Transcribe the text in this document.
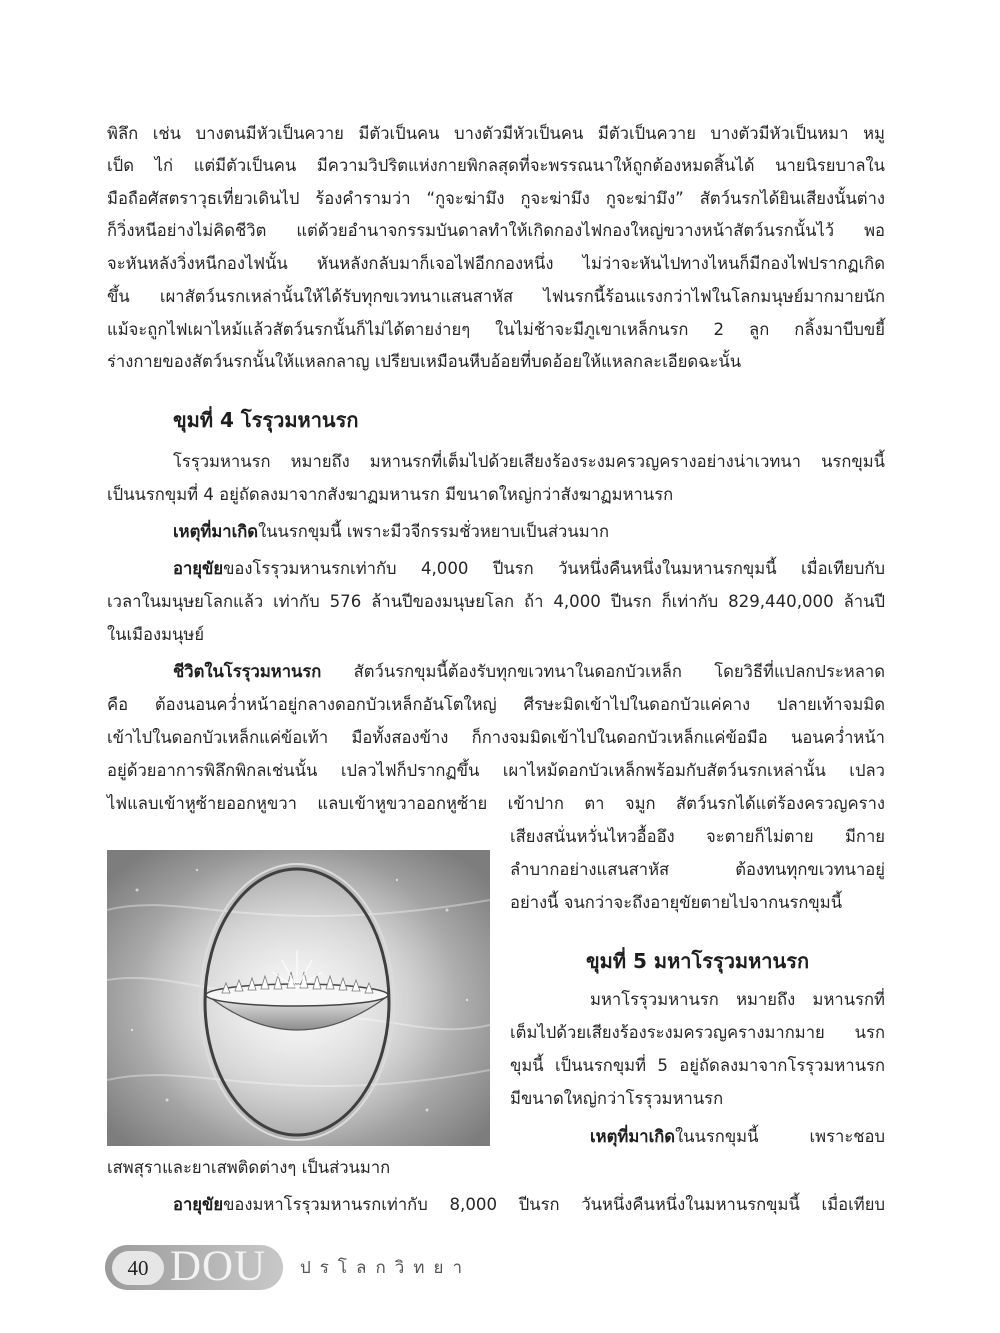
พิลึก เช่น บางตนมีหัวเป็นควาย มีตัวเป็นคน บางตัวมีหัวเป็นคน มีตัวเป็นควาย บางตัวมีหัวเป็นหมา หมู

เป็ด ไก่ แต่มีตัวเป็นคน มีความวิปริตแห่งกายพิกลสุดที่จะพรรณนาให้ถูกต้องหมดสิ้นได้ นายนิรยบาลใน

มือถือศัสตราวุธเที่ยวเดินไป ร้องคำรามว่า “กูจะฆ่ามึง กูจะฆ่ามึง กูจะฆ่ามึง” สัตว์นรกได้ยินเสียงนั้นต่าง

ก็วิ่งหนีอย่างไม่คิดชีวิต แต่ด้วยอำนาจกรรมบันดาลทำให้เกิดกองไฟกองใหญ่ขวางหน้าสัตว์นรกนั้นไว้ พอ

จะหันหลังวิ่งหนีกองไฟนั้น หันหลังกลับมาก็เจอไฟอีกกองหนึ่ง ไม่ว่าจะหันไปทางไหนก็มีกองไฟปรากฏเกิด

ขึ้น เผาสัตว์นรกเหล่านั้นให้ได้รับทุกขเวทนาแสนสาหัส ไฟนรกนี้ร้อนแรงกว่าไฟในโลกมนุษย์มากมายนัก

แม้จะถูกไฟเผาไหม้แล้วสัตว์นรกนั้นก็ไม่ได้ตายง่ายๆ ในไม่ช้าจะมีภูเขาเหล็กนรก 2 ลูก กลิ้งมาบีบขยี้

ร่างกายของสัตว์นรกนั้นให้แหลกลาญ เปรียบเหมือนหีบอ้อยที่บดอ้อยให้แหลกละเอียดฉะนั้น

ขุมที่ 4 โรรุวมหานรก

โรรุวมหานรก หมายถึง มหานรกที่เต็มไปด้วยเสียงร้องระงมครวญครางอย่างน่าเวทนา นรกขุมนี้

เป็นนรกขุมที่ 4 อยู่ถัดลงมาจากสังฆาฏมหานรก มีขนาดใหญ่กว่าสังฆาฏมหานรก

เหตุที่มาเกิดในนรกขุมนี้ เพราะมีวจีกรรมชั่วหยาบเป็นส่วนมาก

อายุขัยของโรรุวมหานรกเท่ากับ 4,000 ปีนรก วันหนึ่งคืนหนึ่งในมหานรกขุมนี้ เมื่อเทียบกับ

เวลาในมนุษยโลกแล้ว เท่ากับ 576 ล้านปีของมนุษยโลก ถ้า 4,000 ปีนรก ก็เท่ากับ 829,440,000 ล้านปี

ในเมืองมนุษย์

ชีวิตในโรรุวมหานรก สัตว์นรกขุมนี้ต้องรับทุกขเวทนาในดอกบัวเหล็ก โดยวิธีที่แปลกประหลาด

คือ ต้องนอนคว่ำหน้าอยู่กลางดอกบัวเหล็กอันโตใหญ่ ศีรษะมิดเข้าไปในดอกบัวแค่คาง ปลายเท้าจมมิด

เข้าไปในดอกบัวเหล็กแค่ข้อเท้า มือทั้งสองข้าง ก็กางจมมิดเข้าไปในดอกบัวเหล็กแค่ข้อมือ นอนคว่ำหน้า

อยู่ด้วยอาการพิลึกพิกลเช่นนั้น เปลวไฟก็ปรากฏขึ้น เผาไหม้ดอกบัวเหล็กพร้อมกับสัตว์นรกเหล่านั้น เปลว

ไฟแลบเข้าหูซ้ายออกหูขวา แลบเข้าหูขวาออกหูซ้าย เข้าปาก ตา จมูก สัตว์นรกได้แต่ร้องครวญคราง

เสียงสนั่นหวั่นไหวอื้ออึง จะตายก็ไม่ตาย มีกาย

ลำบากอย่างแสนสาหัส ต้องทนทุกขเวทนาอยู่

อย่างนี้ จนกว่าจะถึงอายุขัยตายไปจากนรกขุมนี้

ขุมที่ 5 มหาโรรุวมหานรก

มหาโรรุวมหานรก หมายถึง มหานรกที่

เต็มไปด้วยเสียงร้องระงมครวญครางมากมาย นรก

ขุมนี้ เป็นนรกขุมที่ 5 อยู่ถัดลงมาจากโรรุวมหานรก

มีขนาดใหญ่กว่าโรรุวมหานรก

เหตุที่มาเกิดในนรกขุมนี้ เพราะชอบ

เสพสุราและยาเสพติดต่างๆ เป็นส่วนมาก

อายุขัยของมหาโรรุวมหานรกเท่ากับ 8,000 ปีนรก วันหนึ่งคืนหนึ่งในมหานรกขุมนี้ เมื่อเทียบ

40 DOU ปรโลกวิทยา
